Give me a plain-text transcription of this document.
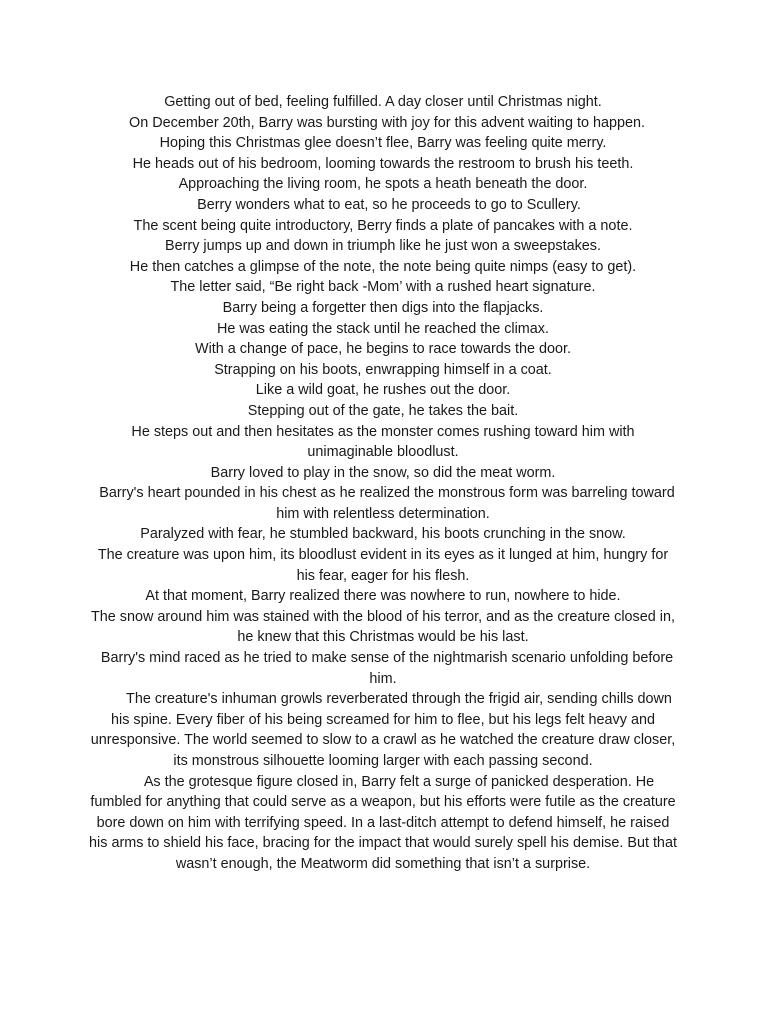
Getting out of bed, feeling fulfilled. A day closer until Christmas night.

On December 20th, Barry was bursting with joy for this advent waiting to happen.

Hoping this Christmas glee doesn’t flee, Barry was feeling quite merry.

He heads out of his bedroom, looming towards the restroom to brush his teeth.

Approaching the living room, he spots a heath beneath the door.

Berry wonders what to eat, so he proceeds to go to Scullery.

The scent being quite introductory, Berry finds a plate of pancakes with a note.

Berry jumps up and down in triumph like he just won a sweepstakes.

He then catches a glimpse of the note, the note being quite nimps (easy to get).

The letter said, “Be right back -Mom’ with a rushed heart signature.

Barry being a forgetter then digs into the flapjacks.

He was eating the stack until he reached the climax.

With a change of pace, he begins to race towards the door.

Strapping on his boots, enwrapping himself in a coat.

Like a wild goat, he rushes out the door.

Stepping out of the gate, he takes the bait.

He steps out and then hesitates as the monster comes rushing toward him with unimaginable bloodlust.

Barry loved to play in the snow, so did the meat worm.

Barry's heart pounded in his chest as he realized the monstrous form was barreling toward him with relentless determination.

Paralyzed with fear, he stumbled backward, his boots crunching in the snow.

The creature was upon him, its bloodlust evident in its eyes as it lunged at him, hungry for his fear, eager for his flesh.

At that moment, Barry realized there was nowhere to run, nowhere to hide.

The snow around him was stained with the blood of his terror, and as the creature closed in, he knew that this Christmas would be his last.

Barry's mind raced as he tried to make sense of the nightmarish scenario unfolding before him.

The creature's inhuman growls reverberated through the frigid air, sending chills down his spine. Every fiber of his being screamed for him to flee, but his legs felt heavy and unresponsive. The world seemed to slow to a crawl as he watched the creature draw closer, its monstrous silhouette looming larger with each passing second.

As the grotesque figure closed in, Barry felt a surge of panicked desperation. He fumbled for anything that could serve as a weapon, but his efforts were futile as the creature bore down on him with terrifying speed. In a last-ditch attempt to defend himself, he raised his arms to shield his face, bracing for the impact that would surely spell his demise. But that wasn’t enough, the Meatworm did something that isn’t a surprise.
